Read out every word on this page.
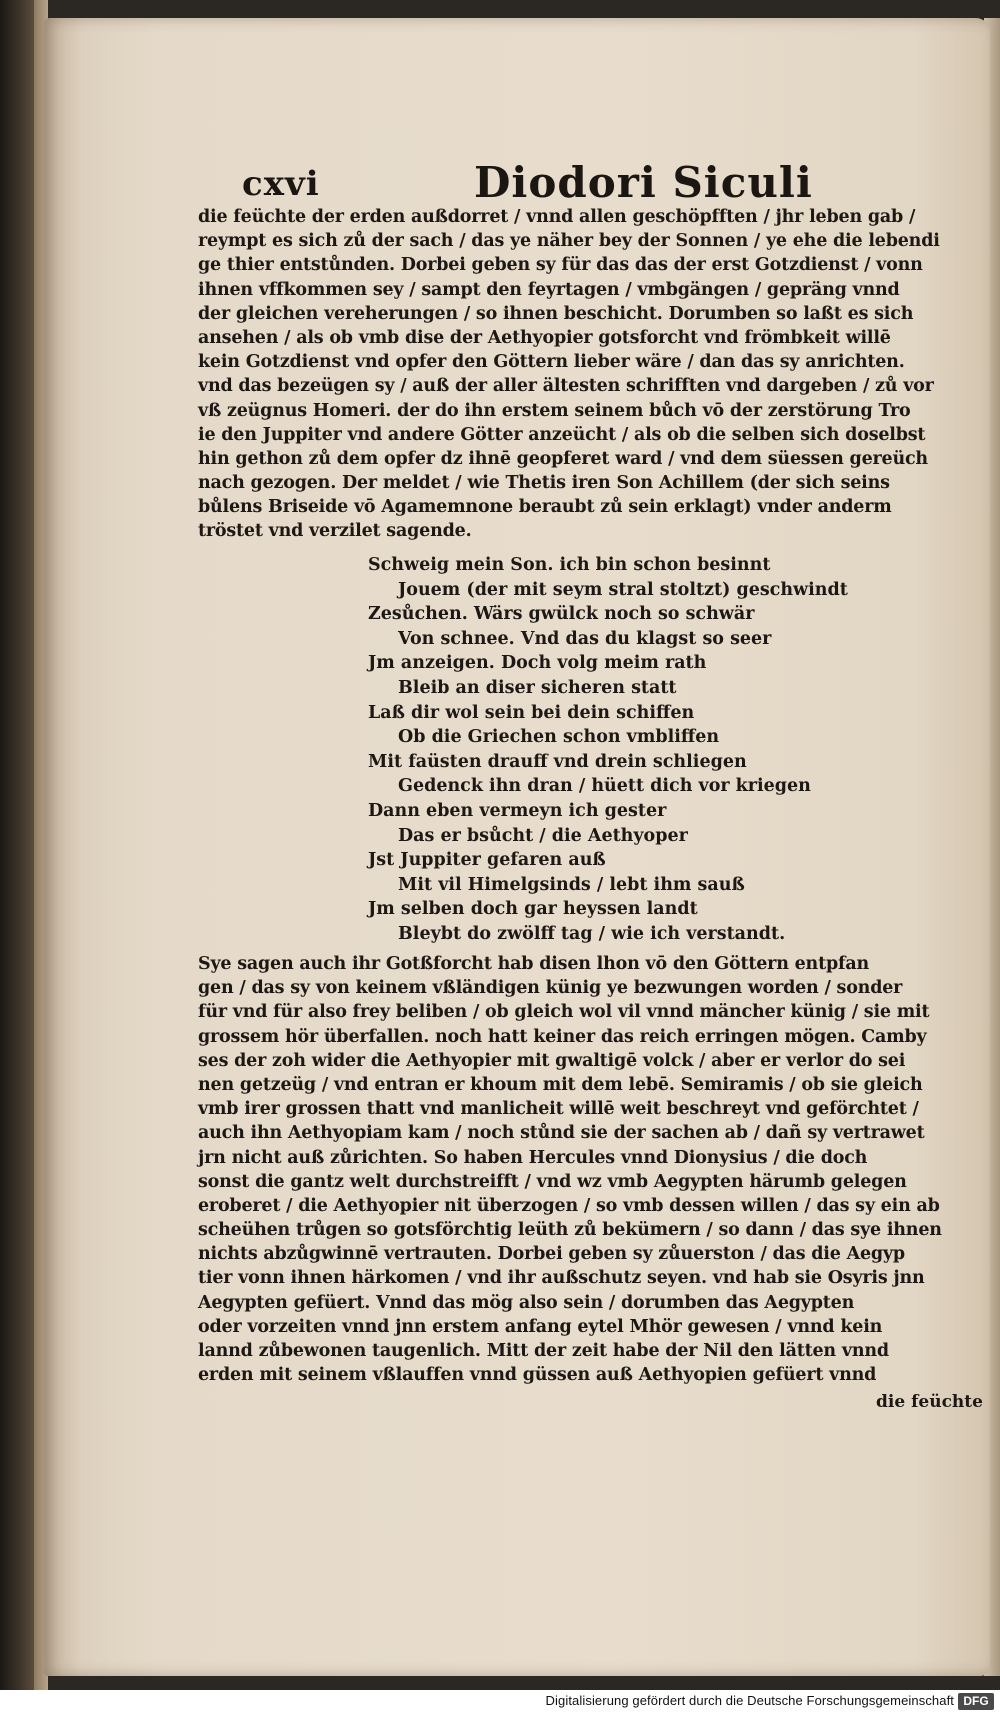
cxvi	Diodori Siculi
die feüchte der erden außdorret / vnnd allen geschöpfften / jhr leben gab /
reympt es sich zů der sach / das ye näher bey der Sonnen / ye ehe die lebendi
ge thier entstůnden. Dorbei geben sy für das das der erst Gotzdienst / vonn
ihnen vffkommen sey / sampt den feyrtagen / vmbgängen / gepräng vnnd
der gleichen vereherungen / so ihnen beschicht. Dorumben so laßt es sich
ansehen / als ob vmb dise der Aethyopier gotsforcht vnd frömbkeit willē
kein Gotzdienst vnd opfer den Göttern lieber wäre / dan das sy anrichten.
vnd das bezeügen sy / auß der aller ältesten schrifften vnd dargeben / zů vor
vß zeügnus Homeri. der do ihn erstem seinem bůch vō der zerstörung Tro
ie den Juppiter vnd andere Götter anzeücht / als ob die selben sich doselbst
hin gethon zů dem opfer dz ihnē geopferet ward / vnd dem süessen gereüch
nach gezogen. Der meldet / wie Thetis iren Son Achillem (der sich seins
bůlens Briseide vō Agamemnone beraubt zů sein erklagt) vnder anderm
tröstet vnd verzilet sagende.
Schweig mein Son. ich bin schon besinnt
Jouem (der mit seym stral stoltzt) geschwindt
Zesůchen. Wärs gwülck noch so schwär
Von schnee. Vnd das du klagst so seer
Jm anzeigen. Doch volg meim rath
Bleib an diser sicheren statt
Laß dir wol sein bei dein schiffen
Ob die Griechen schon vmbliffen
Mit faüsten drauff vnd drein schliegen
Gedenck ihn dran / hüett dich vor kriegen
Dann eben vermeyn ich gester
Das er bsůcht / die Aethyoper
Jst Juppiter gefaren auß
Mit vil Himelgsinds / lebt ihm sauß
Jm selben doch gar heyssen landt
Bleybt do zwölff tag / wie ich verstandt.
Sye sagen auch ihr Gotßforcht hab disen lhon vō den Göttern entpfan
gen / das sy von keinem vßländigen künig ye bezwungen worden / sonder
für vnd für also frey beliben / ob gleich wol vil vnnd mäncher künig / sie mit
grossem hör überfallen. noch hatt keiner das reich erringen mögen. Camby
ses der zoh wider die Aethyopier mit gwaltigē volck / aber er verlor do sei
nen getzeüg / vnd entran er khoum mit dem lebē. Semiramis / ob sie gleich
vmb irer grossen thatt vnd manlicheit willē weit beschreyt vnd geförchtet /
auch ihn Aethyopiam kam / noch stůnd sie der sachen ab / dañ sy vertrawet
jrn nicht auß zůrichten. So haben Hercules vnnd Dionysius / die doch
sonst die gantz welt durchstreifft / vnd wz vmb Aegypten härumb gelegen
eroberet / die Aethyopier nit überzogen / so vmb dessen willen / das sy ein ab
scheühen trůgen so gotsförchtig leüth zů bekümern / so dann / das sye ihnen
nichts abzůgwinnē vertrauten. Dorbei geben sy zůuerston / das die Aegyp
tier vonn ihnen härkomen / vnd ihr außschutz seyen. vnd hab sie Osyris jnn
Aegypten gefüert. Vnnd das mög also sein / dorumben das Aegypten
oder vorzeiten vnnd jnn erstem anfang eytel Mhör gewesen / vnnd kein
lannd zůbewonen taugenlich. Mitt der zeit habe der Nil den lätten vnnd
erden mit seinem vßlauffen vnnd güssen auß Aethyopien gefüert vnnd
die feüchte
Digitalisierung gefördert durch die Deutsche Forschungsgemeinschaft DFG
